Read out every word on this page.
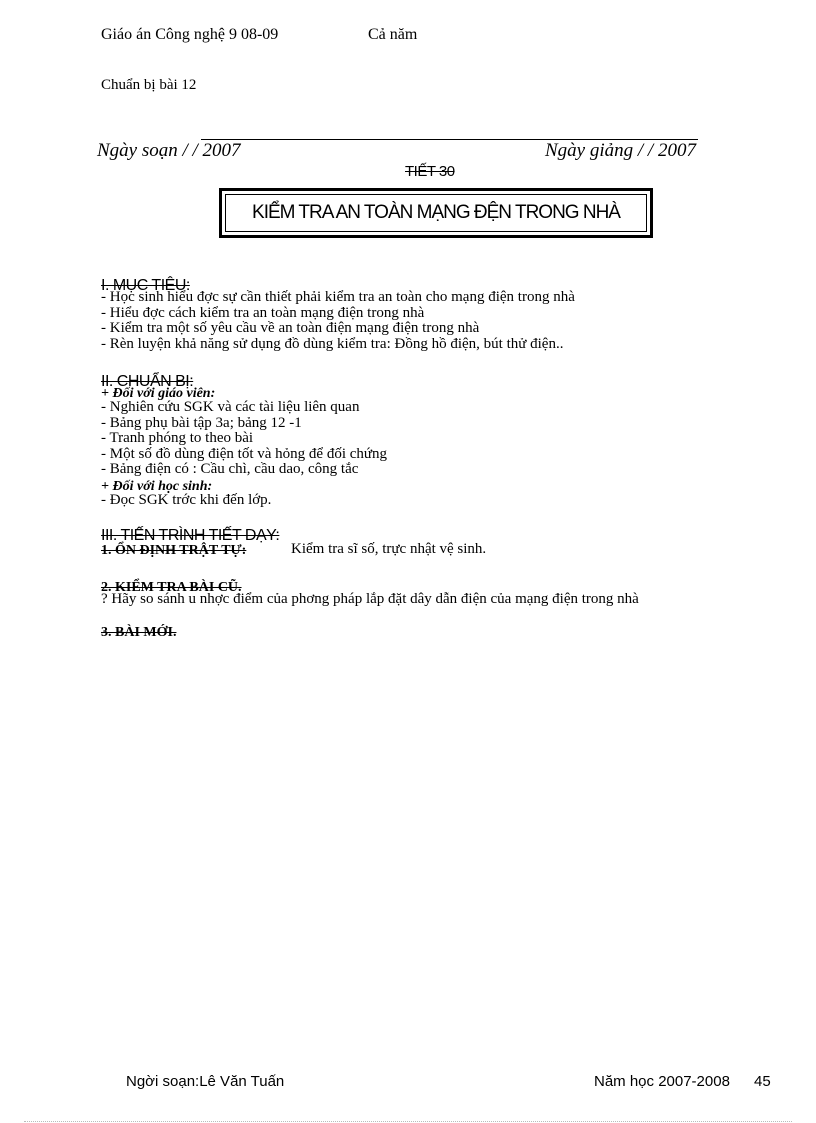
Giáo án Công nghệ 9 08-09	Cả năm
Chuẩn bị bài 12
Ngày soạn / / 2007	Ngày giảng / / 2007
TIẾT 30
KIỂM TRA AN TOÀN MẠNG ĐỆN TRONG NHÀ
I. MỤC TIÊU:
- Học sinh hiểu đợc sự cần thiết phải kiểm tra an toàn cho mạng điện trong nhà
- Hiểu đợc cách kiểm tra an toàn mạng điện trong nhà
- Kiểm tra một số yêu cầu về an toàn điện mạng điện trong nhà
- Rèn luyện khả năng sử dụng đồ dùng kiểm tra: Đồng hồ điện, bút thử điện..
II. CHUẨN BỊ:
+ Đối với giáo viên:
- Nghiên cứu SGK và các tài liệu liên quan
- Bảng phụ bài tập 3a; bảng 12 -1
- Tranh phóng to theo bài
- Một số đồ dùng điện tốt và hỏng để đối chứng
- Bảng điện có : Cầu chì, cầu dao, công tắc
+ Đối với học sinh:
- Đọc SGK trớc khi đến lớp.
III. TIẾN TRÌNH TIẾT DẠY:
1. ỔN ĐỊNH TRẬT TỰ:	Kiểm tra sĩ số, trực nhật vệ sinh.
2. KIỂM TRA BÀI CŨ.
? Hãy so sánh u nhợc điểm của phơng pháp lắp đặt dây dẫn điện của mạng điện trong nhà
3. BÀI MỚI.
Ngời soạn:Lê Văn Tuấn	Năm học 2007-2008 45
